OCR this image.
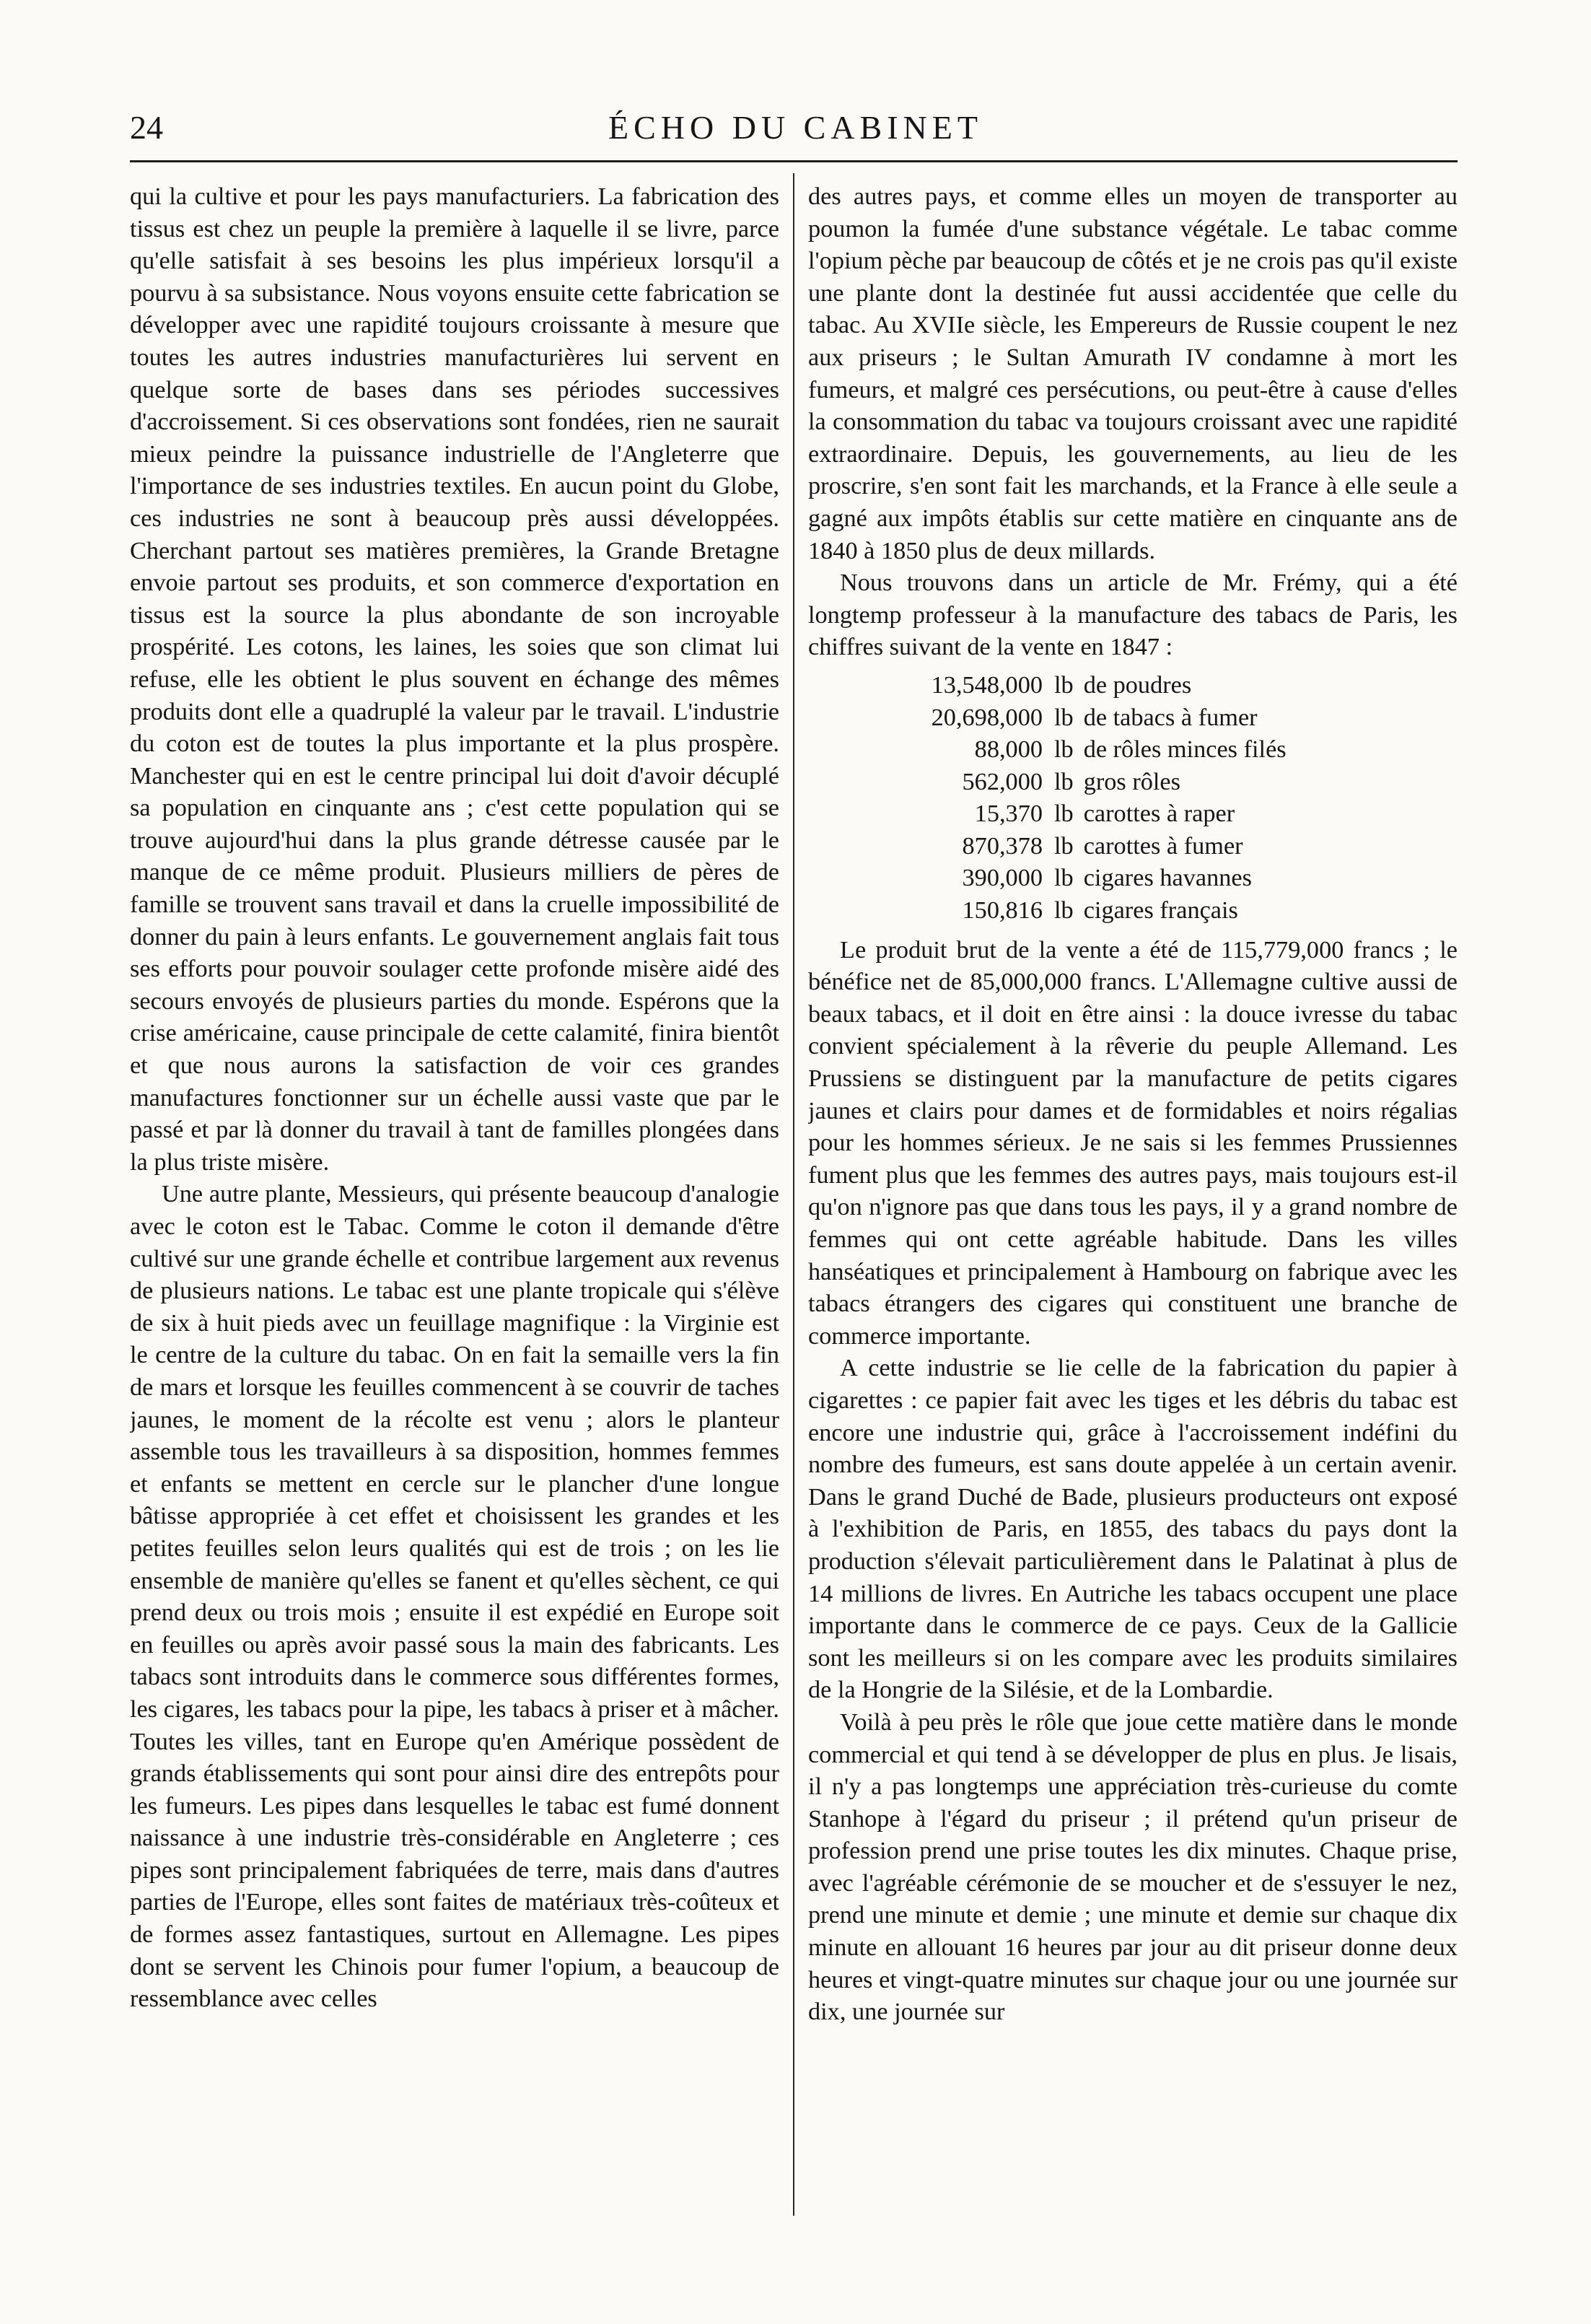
24	ÉCHO DU CABINET

qui la cultive et pour les pays manufacturiers. La fabrication des tissus est chez un peuple la première à laquelle il se livre, parce qu'elle satisfait à ses besoins les plus impérieux lorsqu'il a pourvu à sa subsistance. Nous voyons ensuite cette fabrication se développer avec une rapidité toujours croissante à mesure que toutes les autres industries manufacturières lui servent en quelque sorte de bases dans ses périodes successives d'accroissement. Si ces observations sont fondées, rien ne saurait mieux peindre la puissance industrielle de l'Angleterre que l'importance de ses industries textiles. En aucun point du Globe, ces industries ne sont à beaucoup près aussi développées. Cherchant partout ses matières premières, la Grande Bretagne envoie partout ses produits, et son commerce d'exportation en tissus est la source la plus abondante de son incroyable prospérité. Les cotons, les laines, les soies que son climat lui refuse, elle les obtient le plus souvent en échange des mêmes produits dont elle a quadruplé la valeur par le travail. L'industrie du coton est de toutes la plus importante et la plus prospère. Manchester qui en est le centre principal lui doit d'avoir décuplé sa population en cinquante ans ; c'est cette population qui se trouve aujourd'hui dans la plus grande détresse causée par le manque de ce même produit. Plusieurs milliers de pères de famille se trouvent sans travail et dans la cruelle impossibilité de donner du pain à leurs enfants. Le gouvernement anglais fait tous ses efforts pour pouvoir soulager cette profonde misère aidé des secours envoyés de plusieurs parties du monde. Espérons que la crise américaine, cause principale de cette calamité, finira bientôt et que nous aurons la satisfaction de voir ces grandes manufactures fonctionner sur un échelle aussi vaste que par le passé et par là donner du travail à tant de familles plongées dans la plus triste misère.

Une autre plante, Messieurs, qui présente beaucoup d'analogie avec le coton est le Tabac. Comme le coton il demande d'être cultivé sur une grande échelle et contribue largement aux revenus de plusieurs nations. Le tabac est une plante tropicale qui s'élève de six à huit pieds avec un feuillage magnifique : la Virginie est le centre de la culture du tabac. On en fait la semaille vers la fin de mars et lorsque les feuilles commencent à se couvrir de taches jaunes, le moment de la récolte est venu ; alors le planteur assemble tous les travailleurs à sa disposition, hommes femmes et enfants se mettent en cercle sur le plancher d'une longue bâtisse appropriée à cet effet et choisissent les grandes et les petites feuilles selon leurs qualités qui est de trois ; on les lie ensemble de manière qu'elles se fanent et qu'elles sèchent, ce qui prend deux ou trois mois ; ensuite il est expédié en Europe soit en feuilles ou après avoir passé sous la main des fabricants. Les tabacs sont introduits dans le commerce sous différentes formes, les cigares, les tabacs pour la pipe, les tabacs à priser et à mâcher. Toutes les villes, tant en Europe qu'en Amérique possèdent de grands établissements qui sont pour ainsi dire des entrepôts pour les fumeurs. Les pipes dans lesquelles le tabac est fumé donnent naissance à une industrie très-considérable en Angleterre ; ces pipes sont principalement fabriquées de terre, mais dans d'autres parties de l'Europe, elles sont faites de matériaux très-coûteux et de formes assez fantastiques, surtout en Allemagne. Les pipes dont se servent les Chinois pour fumer l'opium, a beaucoup de ressemblance avec celles

des autres pays, et comme elles un moyen de transporter au poumon la fumée d'une substance végétale. Le tabac comme l'opium pèche par beaucoup de côtés et je ne crois pas qu'il existe une plante dont la destinée fut aussi accidentée que celle du tabac. Au XVIIe siècle, les Empereurs de Russie coupent le nez aux priseurs ; le Sultan Amurath IV condamne à mort les fumeurs, et malgré ces persécutions, ou peut-être à cause d'elles la consommation du tabac va toujours croissant avec une rapidité extraordinaire. Depuis, les gouvernements, au lieu de les proscrire, s'en sont fait les marchands, et la France à elle seule a gagné aux impôts établis sur cette matière en cinquante ans de 1840 à 1850 plus de deux millards.

Nous trouvons dans un article de Mr. Frémy, qui a été longtemp professeur à la manufacture des tabacs de Paris, les chiffres suivant de la vente en 1847 :

13,548,000 lb de poudres
20,698,000 lb de tabacs à fumer
88,000 lb de rôles minces filés
562,000 lb gros rôles
15,370 lb carottes à raper
870,378 lb carottes à fumer
390,000 lb cigares havannes
150,816 lb cigares français

Le produit brut de la vente a été de 115,779,000 francs ; le bénéfice net de 85,000,000 francs. L'Allemagne cultive aussi de beaux tabacs, et il doit en être ainsi : la douce ivresse du tabac convient spécialement à la rêverie du peuple Allemand. Les Prussiens se distinguent par la manufacture de petits cigares jaunes et clairs pour dames et de formidables et noirs régalias pour les hommes sérieux. Je ne sais si les femmes Prussiennes fument plus que les femmes des autres pays, mais toujours est-il qu'on n'ignore pas que dans tous les pays, il y a grand nombre de femmes qui ont cette agréable habitude. Dans les villes hanséatiques et principalement à Hambourg on fabrique avec les tabacs étrangers des cigares qui constituent une branche de commerce importante.

A cette industrie se lie celle de la fabrication du papier à cigarettes : ce papier fait avec les tiges et les débris du tabac est encore une industrie qui, grâce à l'accroissement indéfini du nombre des fumeurs, est sans doute appelée à un certain avenir. Dans le grand Duché de Bade, plusieurs producteurs ont exposé à l'exhibition de Paris, en 1855, des tabacs du pays dont la production s'élevait particulièrement dans le Palatinat à plus de 14 millions de livres. En Autriche les tabacs occupent une place importante dans le commerce de ce pays. Ceux de la Gallicie sont les meilleurs si on les compare avec les produits similaires de la Hongrie de la Silésie, et de la Lombardie.

Voilà à peu près le rôle que joue cette matière dans le monde commercial et qui tend à se développer de plus en plus. Je lisais, il n'y a pas longtemps une appréciation très-curieuse du comte Stanhope à l'égard du priseur ; il prétend qu'un priseur de profession prend une prise toutes les dix minutes. Chaque prise, avec l'agréable cérémonie de se moucher et de s'essuyer le nez, prend une minute et demie ; une minute et demie sur chaque dix minute en allouant 16 heures par jour au dit priseur donne deux heures et vingt-quatre minutes sur chaque jour ou une journée sur dix, une journée sur
